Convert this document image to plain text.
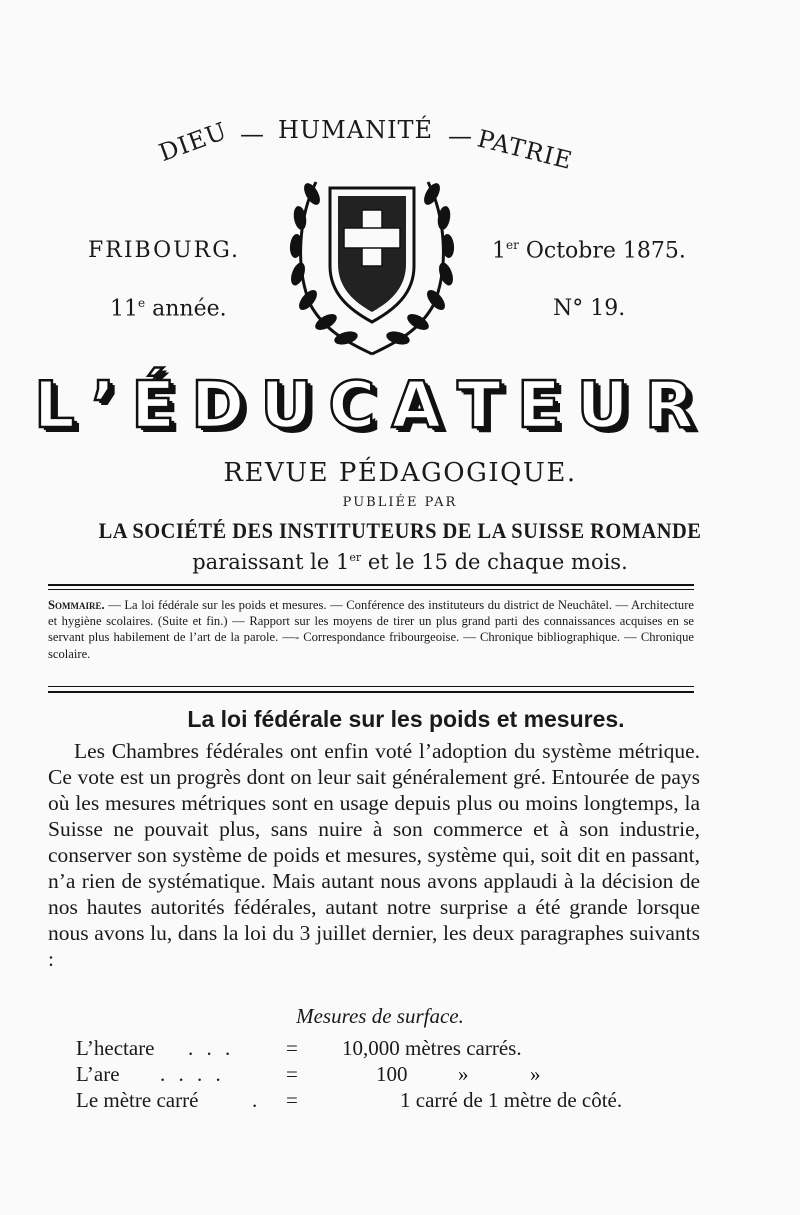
DIEU — HUMANITÉ — PATRIE
FRIBOURG.	1er Octobre 1875.
11e année.	N° 19.
L ’ É D U C A T E U R
REVUE PÉDAGOGIQUE.
PUBLIÉE PAR
LA SOCIÉTÉ DES INSTITUTEURS DE LA SUISSE ROMANDE
paraissant le 1er et le 15 de chaque mois.
Sommaire. — La loi fédérale sur les poids et mesures. — Conférence des instituteurs du district de Neuchâtel. — Architecture et hygiène scolaires. (Suite et fin.) — Rapport sur les moyens de tirer un plus grand parti des connaissances acquises en se servant plus habilement de l’art de la parole. —- Correspondance fribourgeoise. — Chronique bibliographique. — Chronique scolaire.
La loi fédérale sur les poids et mesures.
Les Chambres fédérales ont enfin voté l’adoption du système métrique. Ce vote est un progrès dont on leur sait généralement gré. Entourée de pays où les mesures métriques sont en usage depuis plus ou moins longtemps, la Suisse ne pouvait plus, sans nuire à son commerce et à son industrie, conserver son système de poids et mesures, système qui, soit dit en passant, n’a rien de systématique. Mais autant nous avons applaudi à la décision de nos hautes autorités fédérales, autant notre surprise a été grande lorsque nous avons lu, dans la loi du 3 juillet dernier, les deux paragraphes suivants :
Mesures de surface.
L’hectare . . . = 10,000 mètres carrés.
L’are . . . .	=	100 »	»
Le mètre carré	. =	1 carré de 1 mètre de côté.
